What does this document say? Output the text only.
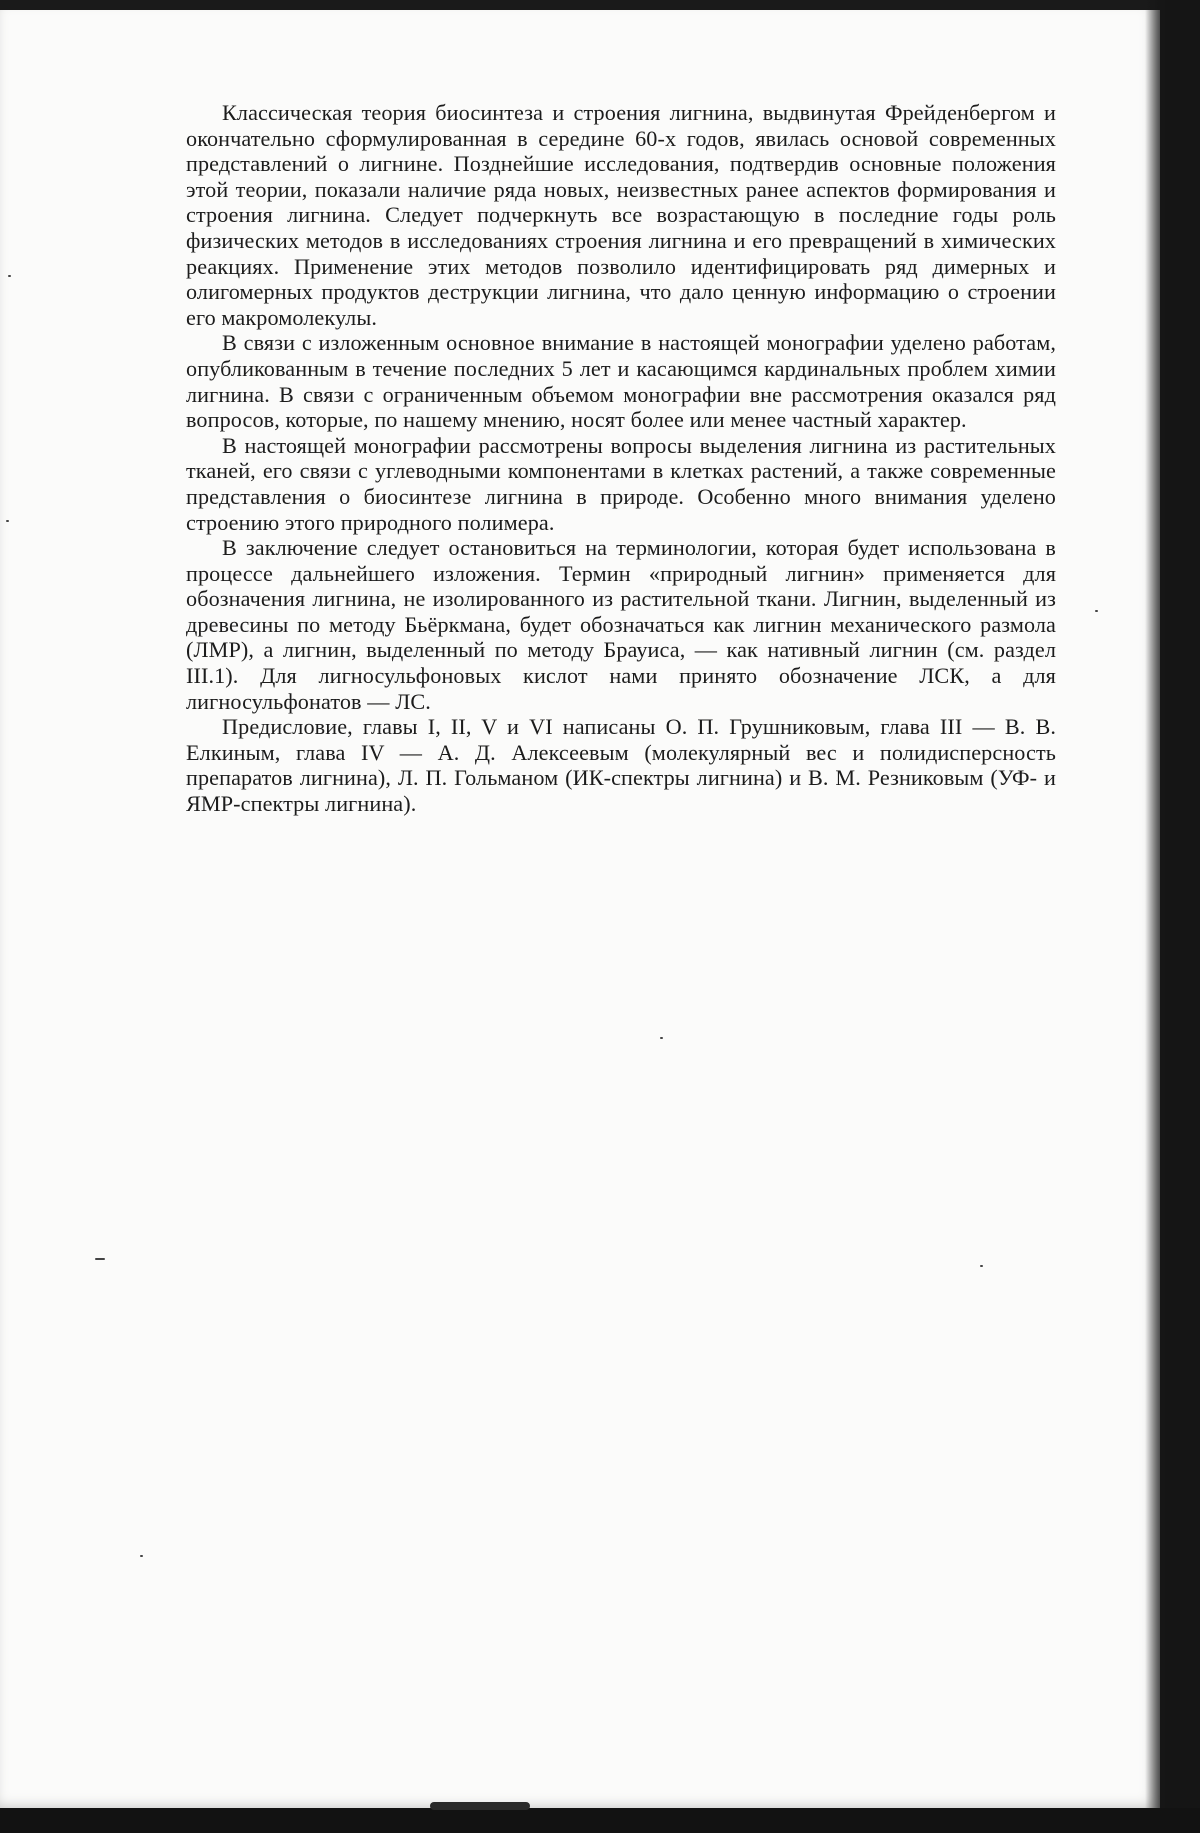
Классическая теория биосинтеза и строения лигнина, выдвинутая Фрейденбергом и окончательно сформулированная в середине 60-х годов, явилась основой современных представлений о лигнине. Позднейшие исследования, подтвердив основные положения этой теории, показали наличие ряда новых, неизвестных ранее аспектов формирования и строения лигнина. Следует подчеркнуть все возрастающую в последние годы роль физических методов в исследованиях строения лигнина и его превращений в химических реакциях. Применение этих методов позволило идентифицировать ряд димерных и олигомерных продуктов деструкции лигнина, что дало ценную информацию о строении его макромолекулы.

В связи с изложенным основное внимание в настоящей монографии уделено работам, опубликованным в течение последних 5 лет и касающимся кардинальных проблем химии лигнина. В связи с ограниченным объемом монографии вне рассмотрения оказался ряд вопросов, которые, по нашему мнению, носят более или менее частный характер.

В настоящей монографии рассмотрены вопросы выделения лигнина из растительных тканей, его связи с углеводными компонентами в клетках растений, а также современные представления о биосинтезе лигнина в природе. Особенно много внимания уделено строению этого природного полимера.

В заключение следует остановиться на терминологии, которая будет использована в процессе дальнейшего изложения. Термин «природный лигнин» применяется для обозначения лигнина, не изолированного из растительной ткани. Лигнин, выделенный из древесины по методу Бьёркмана, будет обозначаться как лигнин механического размола (ЛМР), а лигнин, выделенный по методу Брауиса, — как нативный лигнин (см. раздел III.1). Для лигносульфоновых кислот нами принято обозначение ЛСК, а для лигносульфонатов — ЛС.

Предисловие, главы I, II, V и VI написаны О. П. Грушниковым, глава III — В. В. Елкиным, глава IV — А. Д. Алексеевым (молекулярный вес и полидисперсность препаратов лигнина), Л. П. Гольманом (ИК-спектры лигнина) и В. М. Резниковым (УФ- и ЯМР-спектры лигнина).
